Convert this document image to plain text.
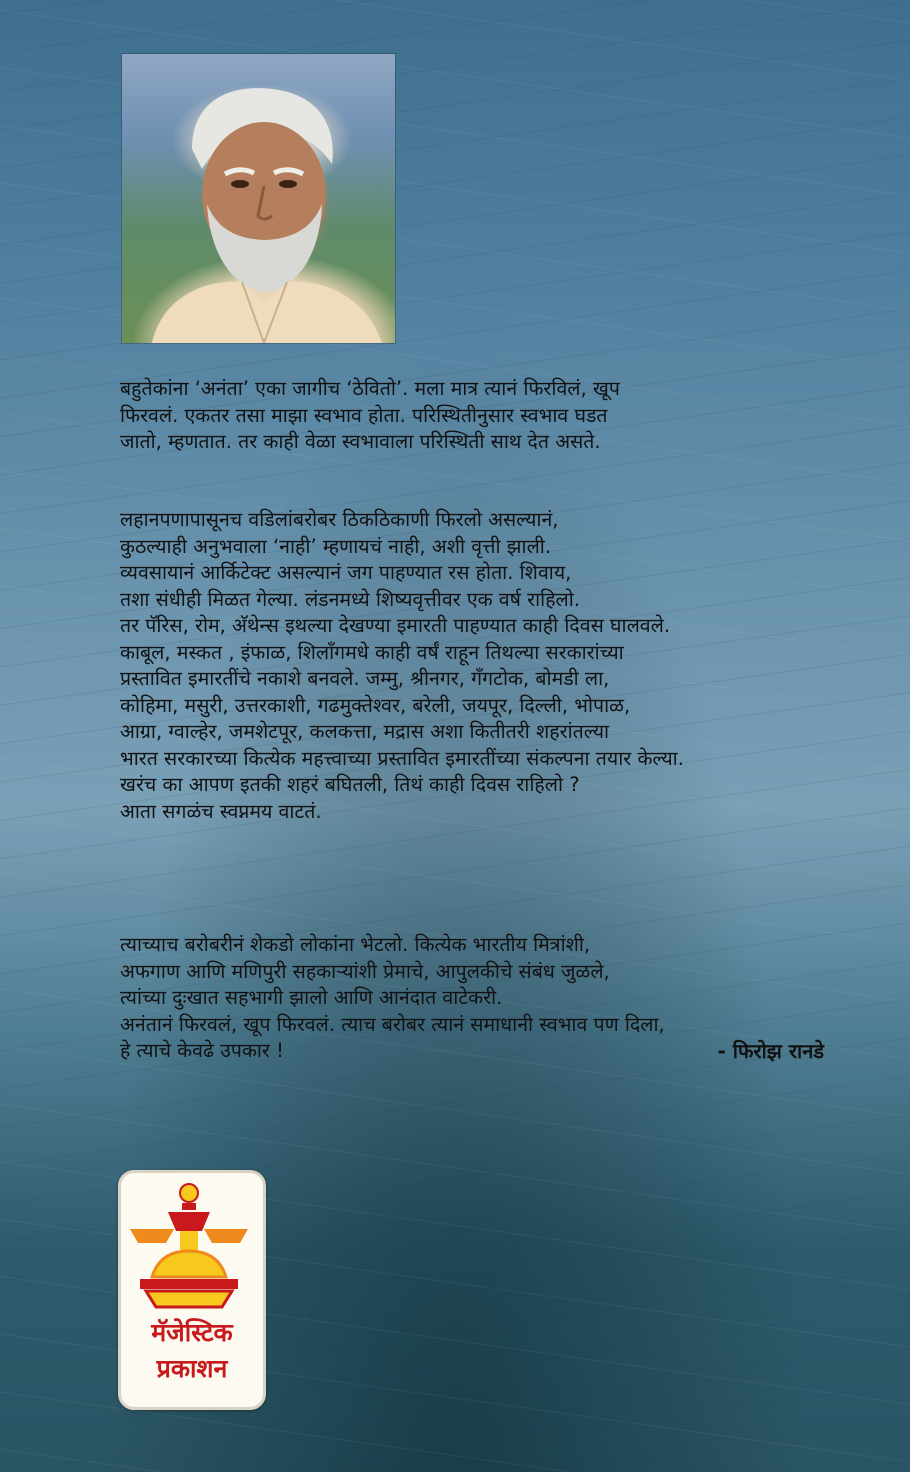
बहुतेकांना ‘अनंता’ एका जागीच ‘ठेवितो’. मला मात्र त्यानं फिरविलं, खूप

फिरवलं. एकतर तसा माझा स्वभाव होता. परिस्थितीनुसार स्वभाव घडत

जातो, म्हणतात. तर काही वेळा स्वभावाला परिस्थिती साथ देत असते.

लहानपणापासूनच वडिलांबरोबर ठिकठिकाणी फिरलो असल्यानं,

कुठल्याही अनुभवाला ‘नाही’ म्हणायचं नाही, अशी वृत्ती झाली.

व्यवसायानं आर्किटेक्ट असल्यानं जग पाहण्यात रस होता. शिवाय,

तशा संधीही मिळत गेल्या. लंडनमध्ये शिष्यवृत्तीवर एक वर्ष राहिलो.

तर पॅरिस, रोम, अ‍ॅथेन्स इथल्या देखण्या इमारती पाहण्यात काही दिवस घालवले.

काबूल, मस्कत , इंफाळ, शिलाँगमधे काही वर्षं राहून तिथल्या सरकारांच्या

प्रस्तावित इमारतींचे नकाशे बनवले. जम्मु, श्रीनगर, गँगटोक, बोमडी ला,

कोहिमा, मसुरी, उत्तरकाशी, गढमुक्तेश्वर, बरेली, जयपूर, दिल्ली, भोपाळ,

आग्रा, ग्वाल्हेर, जमशेटपूर, कलकत्ता, मद्रास अशा कितीतरी शहरांतल्या

भारत सरकारच्या कित्येक महत्त्वाच्या प्रस्तावित इमारतींच्या संकल्पना तयार केल्या.

खरंच का आपण इतकी शहरं बघितली, तिथं काही दिवस राहिलो ?

आता सगळंच स्वप्नमय वाटतं.

त्याच्याच बरोबरीनं शेकडो लोकांना भेटलो. कित्येक भारतीय मित्रांशी,

अफगाण आणि मणिपुरी सहकाऱ्यांशी प्रेमाचे, आपुलकीचे संबंध जुळले,

त्यांच्या दुःखात सहभागी झालो आणि आनंदात वाटेकरी.

अनंतानं फिरवलं, खूप फिरवलं. त्याच बरोबर त्यानं समाधानी स्वभाव पण दिला,

हे त्याचे केवढे उपकार !	- फिरोझ रानडे
मॅजेस्टिक
प्रकाशन
